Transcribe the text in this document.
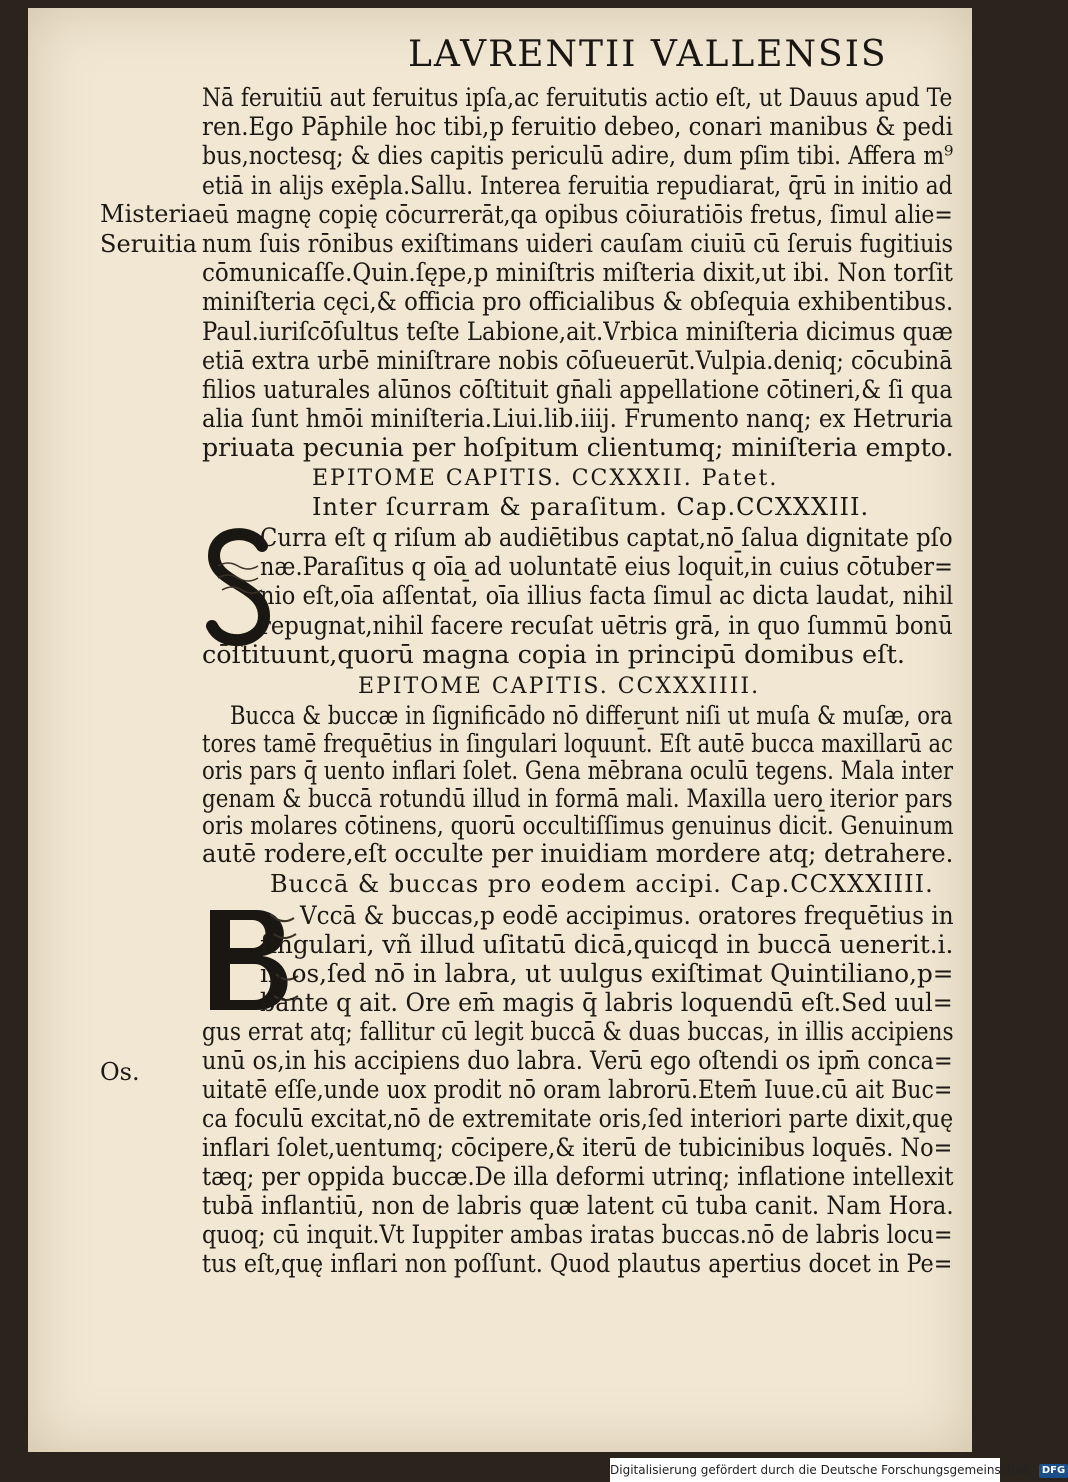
LAVRENTII VALLENSIS
Misteria
Seruitia
Os.
Nā feruitiū aut feruitus ipſa,ac feruitutis actio eſt, ut Dauus apud Te
ren.Ego Pāphile hoc tibi,p feruitio debeo, conari manibus & pedi
bus,noctesq; & dies capitis periculū adire, dum pſim tibi. Affera m⁹
etiā in alijs exēpla.Sallu. Interea feruitia repudiarat, q̄rū in initio ad
eū magnę copię cōcurrerāt,qa opibus cōiuratiōis fretus, ſimul alie=
num ſuis rōnibus exiſtimans uideri cauſam ciuiū cū ſeruis fugitiuis
cōmunicaſſe.Quin.ſępe,p miniſtris miſteria dixit,ut ibi. Non torſit
miniſteria cęci,& officia pro officialibus & obſequia exhibentibus.
Paul.iuriſcōſultus teſte Labione,ait.Vrbica miniſteria dicimus quæ
etiā extra urbē miniſtrare nobis cōſueuerūt.Vulpia.deniq; cōcubinā
filios uaturales alūnos cōſtituit gn̄ali appellatione cōtineri,& ſi qua
alia ſunt hmōi miniſteria.Liui.lib.iiij. Frumento nanq; ex Hetruria
priuata pecunia per hoſpitum clientumq; miniſteria empto.
EPITOME CAPITIS. CCXXXII. Patet.
Inter ſcurram & paraſitum. Cap.CCXXXIII.
Curra eſt q riſum ab audiētibus captat,nō ſalua dignitate pſo
næ.Paraſitus q oīa ad uoluntatē eius loquit̄,in cuius cōtuber=
nio eſt,oīa aſſentat̄, oīa illius facta ſimul ac dicta laudat, nihil
repugnat,nihil facere recuſat uētris grā, in quo ſummū bonū
cōſtituunt,quorū magna copia in principū domibus eſt.
EPITOME CAPITIS. CCXXXIIII.
Bucca & buccæ in ſignificādo nō differunt niſi ut muſa & muſæ, ora
tores tamē frequētius in ſingulari loquunt̄. Eſt autē bucca maxillarū ac
oris pars q̄ uento inflari ſolet. Gena mēbrana oculū tegens. Mala inter
genam & buccā rotundū illud in formā mali. Maxilla uero iterior pars
oris molares cōtinens, quorū occultiſſimus genuinus dicit̄. Genuinum
autē rodere,eſt occulte per inuidiam mordere atq; detrahere.
Buccā & buccas pro eodem accipi. Cap.CCXXXIIII.
Vccā & buccas,p eodē accipimus. oratores frequētius in
ſingulari, vñ illud uſitatū dicā,quicqd in buccā uenerit.i.
in os,ſed nō in labra, ut uulgus exiſtimat Quintiliano,p=
bante q ait. Ore em̄ magis q̄ labris loquendū eſt.Sed uul=
gus errat atq; fallitur cū legit buccā & duas buccas, in illis accipiens
unū os,in his accipiens duo labra. Verū ego oſtendi os ipm̄ conca=
uitatē eſſe,unde uox prodit nō oram labrorū.Etem̄ Iuue.cū ait Buc=
ca foculū excitat,nō de extremitate oris,ſed interiori parte dixit,quę
inflari ſolet,uentumq; cōcipere,& iterū de tubicinibus loquēs. No=
tæq; per oppida buccæ.De illa deformi utrinq; inflatione intellexit
tubā inflantiū, non de labris quæ latent cū tuba canit. Nam Hora.
quoq; cū inquit.Vt Iuppiter ambas iratas buccas.nō de labris locu=
tus eſt,quę inflari non poſſunt. Quod plautus apertius docet in Pe=
Digitalisierung gefördert durch die Deutsche Forschungsgemeinschaft DFG
